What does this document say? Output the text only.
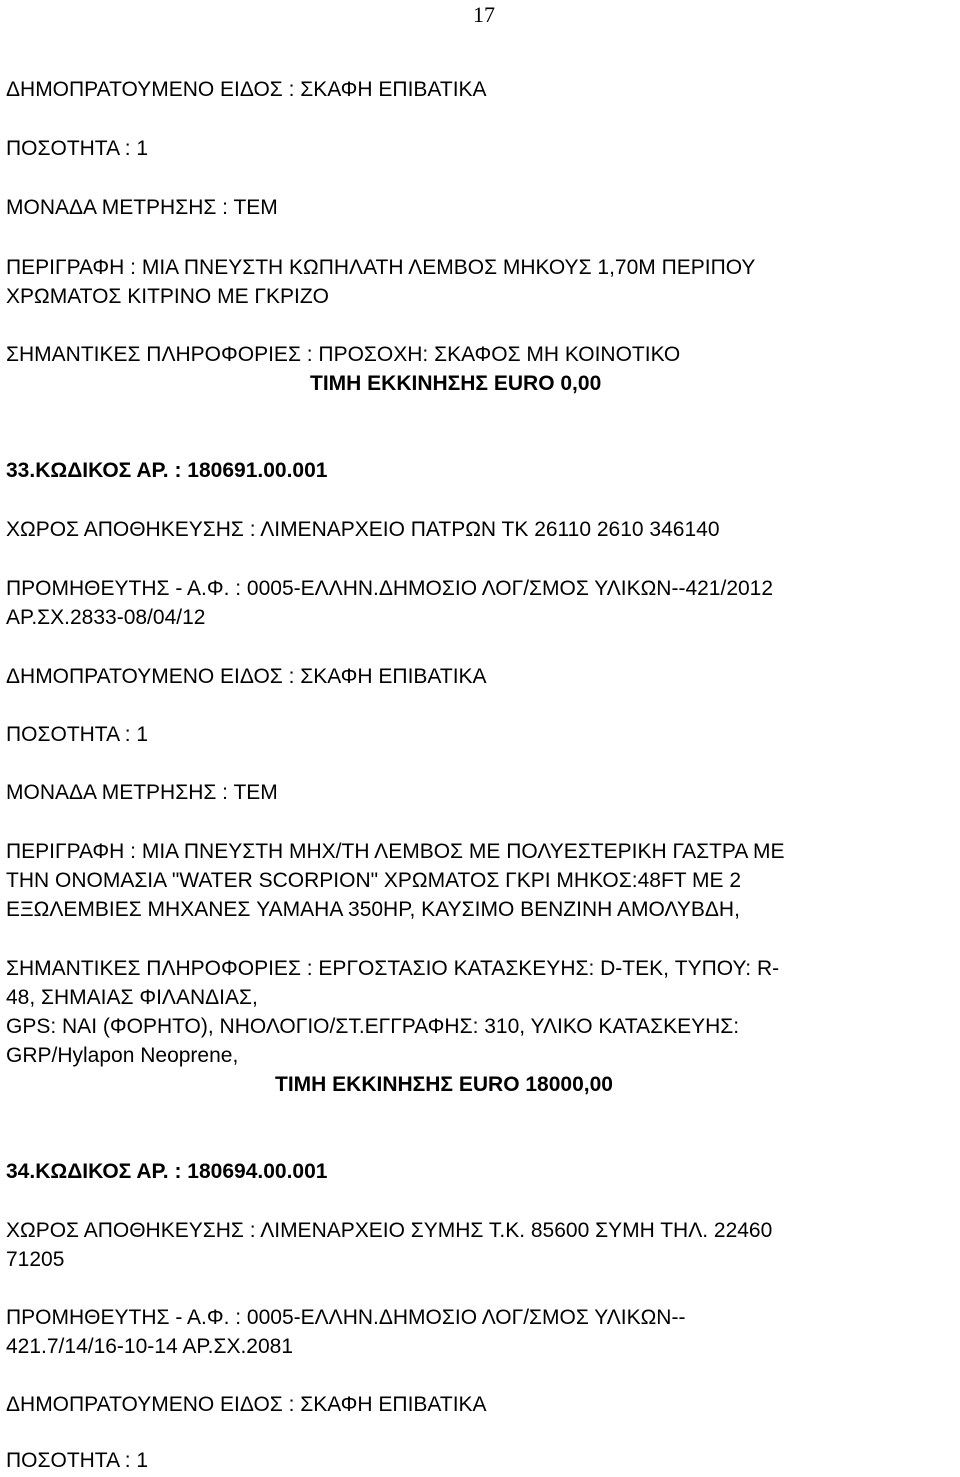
17

ΔΗΜΟΠΡΑΤΟΥΜΕΝΟ ΕΙΔΟΣ : ΣΚΑΦΗ ΕΠΙΒΑΤΙΚΑ

ΠΟΣΟΤΗΤΑ : 1

ΜΟΝΑΔΑ ΜΕΤΡΗΣΗΣ : ΤΕΜ

ΠΕΡΙΓΡΑΦΗ : ΜΙΑ ΠΝΕΥΣΤΗ ΚΩΠΗΛΑΤΗ ΛΕΜΒΟΣ ΜΗΚΟΥΣ 1,70Μ ΠΕΡΙΠΟΥ

ΧΡΩΜΑΤΟΣ ΚΙΤΡΙΝΟ ΜΕ ΓΚΡΙΖΟ

ΣΗΜΑΝΤΙΚΕΣ ΠΛΗΡΟΦΟΡΙΕΣ : ΠΡΟΣΟΧΗ: ΣΚΑΦΟΣ ΜΗ ΚΟΙΝΟΤΙΚΟ

ΤΙΜΗ ΕΚΚΙΝΗΣΗΣ EURO 0,00

33.ΚΩΔΙΚΟΣ ΑΡ. : 180691.00.001

ΧΩΡΟΣ ΑΠΟΘΗΚΕΥΣΗΣ : ΛΙΜΕΝΑΡΧΕΙΟ ΠΑΤΡΩΝ ΤΚ 26110 2610 346140

ΠΡΟΜΗΘΕΥΤΗΣ - Α.Φ. : 0005-ΕΛΛΗΝ.ΔΗΜΟΣΙΟ ΛΟΓ/ΣΜΟΣ ΥΛΙΚΩΝ--421/2012

ΑΡ.ΣΧ.2833-08/04/12

ΔΗΜΟΠΡΑΤΟΥΜΕΝΟ ΕΙΔΟΣ : ΣΚΑΦΗ ΕΠΙΒΑΤΙΚΑ

ΠΟΣΟΤΗΤΑ : 1

ΜΟΝΑΔΑ ΜΕΤΡΗΣΗΣ : ΤΕΜ

ΠΕΡΙΓΡΑΦΗ : ΜΙΑ ΠΝΕΥΣΤΗ ΜΗΧ/ΤΗ ΛΕΜΒΟΣ ΜΕ ΠΟΛΥΕΣΤΕΡΙΚΗ ΓΑΣΤΡΑ ΜΕ

ΤΗΝ ΟΝΟΜΑΣΙΑ "WATER SCORPION" ΧΡΩΜΑΤΟΣ ΓΚΡΙ ΜΗΚΟΣ:48FT ΜΕ 2

ΕΞΩΛΕΜΒΙΕΣ ΜΗΧΑΝΕΣ YAMAHA 350HP, ΚΑΥΣΙΜΟ ΒΕΝΖΙΝΗ ΑΜΟΛΥΒΔΗ,

ΣΗΜΑΝΤΙΚΕΣ ΠΛΗΡΟΦΟΡΙΕΣ : ΕΡΓΟΣΤΑΣΙΟ ΚΑΤΑΣΚΕΥΗΣ: D-TEK, ΤΥΠΟΥ: R-

48, ΣΗΜΑΙΑΣ ΦΙΛΑΝΔΙΑΣ,

GPS: ΝΑΙ (ΦΟΡΗΤΟ), ΝΗΟΛΟΓΙΟ/ΣΤ.ΕΓΓΡΑΦΗΣ: 310, ΥΛΙΚΟ ΚΑΤΑΣΚΕΥΗΣ:

GRP/Hylapon Neoprene,

ΤΙΜΗ ΕΚΚΙΝΗΣΗΣ EURO 18000,00

34.ΚΩΔΙΚΟΣ ΑΡ. : 180694.00.001

ΧΩΡΟΣ ΑΠΟΘΗΚΕΥΣΗΣ : ΛΙΜΕΝΑΡΧΕΙΟ ΣΥΜΗΣ Τ.Κ. 85600 ΣΥΜΗ ΤΗΛ. 22460

71205

ΠΡΟΜΗΘΕΥΤΗΣ - Α.Φ. : 0005-ΕΛΛΗΝ.ΔΗΜΟΣΙΟ ΛΟΓ/ΣΜΟΣ ΥΛΙΚΩΝ--

421.7/14/16-10-14 ΑΡ.ΣΧ.2081

ΔΗΜΟΠΡΑΤΟΥΜΕΝΟ ΕΙΔΟΣ : ΣΚΑΦΗ ΕΠΙΒΑΤΙΚΑ

ΠΟΣΟΤΗΤΑ : 1
